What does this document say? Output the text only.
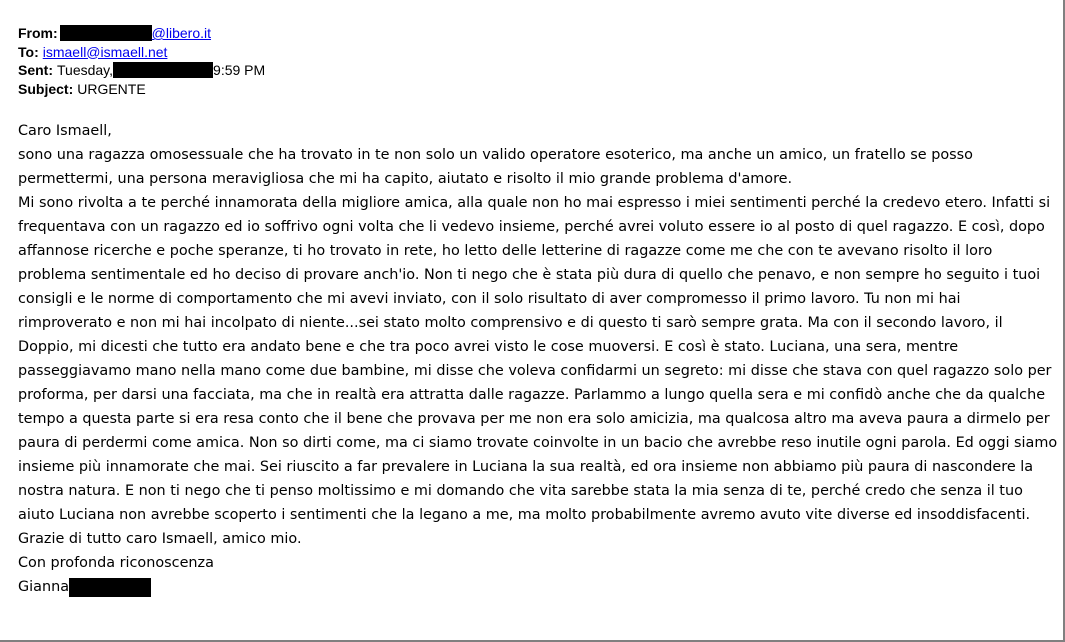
From:	@libero.it
To: ismaell@ismaell.net
Sent: Tuesday,	9:59 PM
Subject: URGENTE

Caro Ismaell,

sono una ragazza omosessuale che ha trovato in te non solo un valido operatore esoterico, ma anche un amico, un fratello se posso permettermi, una persona meravigliosa che mi ha capito, aiutato e risolto il mio grande problema d'amore.

Mi sono rivolta a te perché innamorata della migliore amica, alla quale non ho mai espresso i miei sentimenti perché la credevo etero. Infatti si frequentava con un ragazzo ed io soffrivo ogni volta che li vedevo insieme, perché avrei voluto essere io al posto di quel ragazzo. E così, dopo affannose ricerche e poche speranze, ti ho trovato in rete, ho letto delle letterine di ragazze come me che con te avevano risolto il loro problema sentimentale ed ho deciso di provare anch'io. Non ti nego che è stata più dura di quello che penavo, e non sempre ho seguito i tuoi consigli e le norme di comportamento che mi avevi inviato, con il solo risultato di aver compromesso il primo lavoro. Tu non mi hai rimproverato e non mi hai incolpato di niente...sei stato molto comprensivo e di questo ti sarò sempre grata. Ma con il secondo lavoro, il Doppio, mi dicesti che tutto era andato bene e che tra poco avrei visto le cose muoversi. E così è stato. Luciana, una sera, mentre passeggiavamo mano nella mano come due bambine, mi disse che voleva confidarmi un segreto: mi disse che stava con quel ragazzo solo per proforma, per darsi una facciata, ma che in realtà era attratta dalle ragazze. Parlammo a lungo quella sera e mi confidò anche che da qualche tempo a questa parte si era resa conto che il bene che provava per me non era solo amicizia, ma qualcosa altro ma aveva paura a dirmelo per paura di perdermi come amica. Non so dirti come, ma ci siamo trovate coinvolte in un bacio che avrebbe reso inutile ogni parola. Ed oggi siamo insieme più innamorate che mai. Sei riuscito a far prevalere in Luciana la sua realtà, ed ora insieme non abbiamo più paura di nascondere la nostra natura. E non ti nego che ti penso moltissimo e mi domando che vita sarebbe stata la mia senza di te, perché credo che senza il tuo aiuto Luciana non avrebbe scoperto i sentimenti che la legano a me, ma molto probabilmente avremo avuto vite diverse ed insoddisfacenti. Grazie di tutto caro Ismaell, amico mio.

Con profonda riconoscenza

Gianna
